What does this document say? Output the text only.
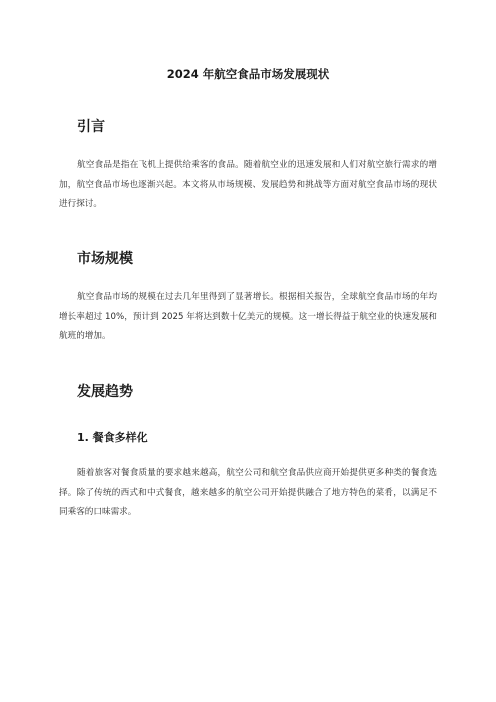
2024 年航空食品市场发展现状
引言

航空食品是指在飞机上提供给乘客的食品。随着航空业的迅速发展和人们对航空旅行需求的增加，航空食品市场也逐渐兴起。本文将从市场规模、发展趋势和挑战等方面对航空食品市场的现状进行探讨。

市场规模

航空食品市场的规模在过去几年里得到了显著增长。根据相关报告，全球航空食品市场的年均增长率超过 10%，预计到 2025 年将达到数十亿美元的规模。这一增长得益于航空业的快速发展和航班的增加。

发展趋势
1. 餐食多样化

随着旅客对餐食质量的要求越来越高，航空公司和航空食品供应商开始提供更多种类的餐食选择。除了传统的西式和中式餐食，越来越多的航空公司开始提供融合了地方特色的菜肴，以满足不同乘客的口味需求。
